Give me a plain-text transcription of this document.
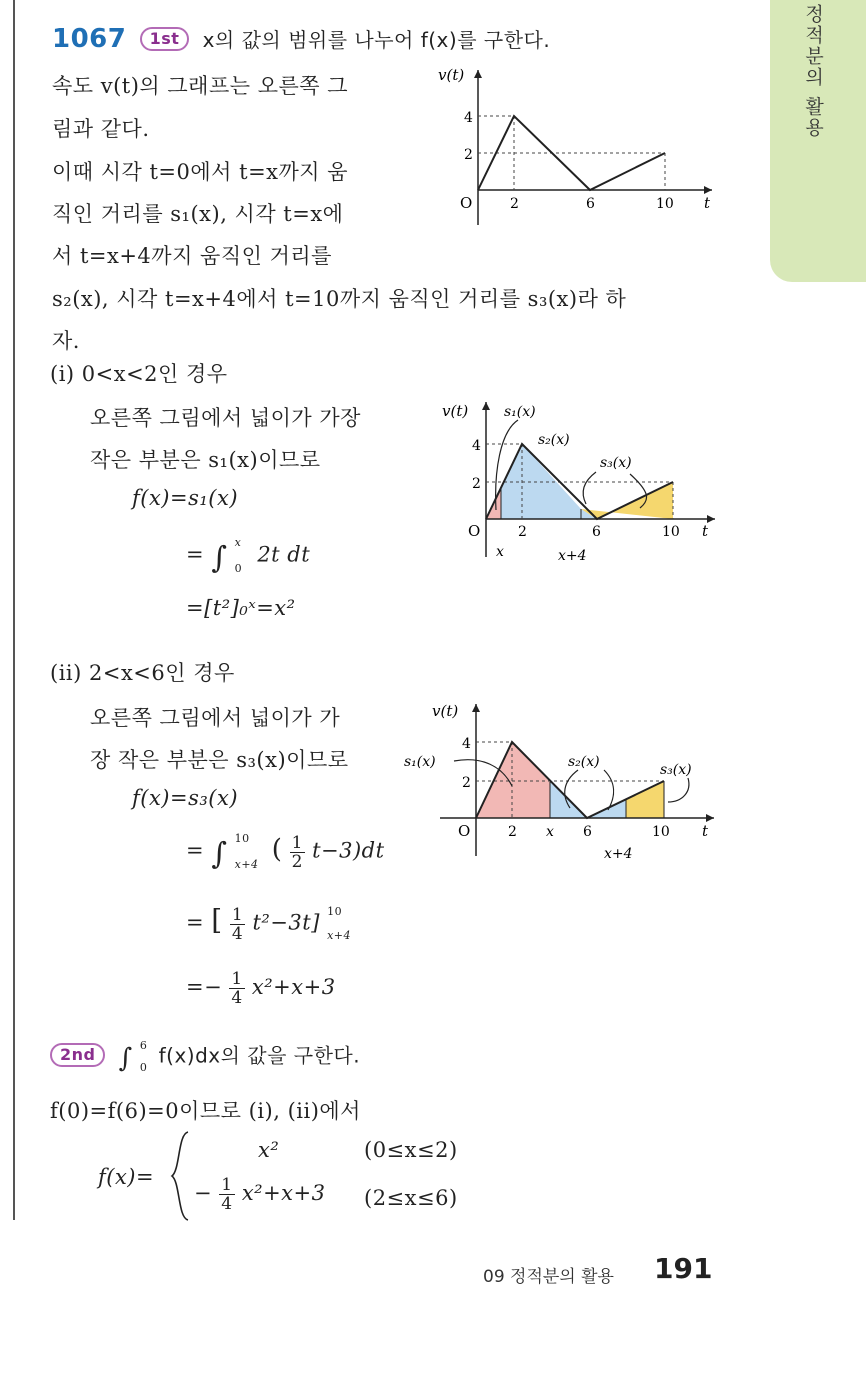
정적분의 활용
1067 1st x의 값의 범위를 나누어 f(x)를 구한다.
속도 v(t)의 그래프는 오른쪽 그
림과 같다.
이때 시각 t=0에서 t=x까지 움
직인 거리를 s₁(x), 시각 t=x에
서 t=x+4까지 움직인 거리를
s₂(x), 시각 t=x+4에서 t=10까지 움직인 거리를 s₃(x)라 하
자.
v(t)
t
O
4
2
2	6	10
(i) 0<x<2인 경우
오른쪽 그림에서 넓이가 가장
작은 부분은 s₁(x)이므로
f(x)=s₁(x)
= ∫ x
0
2t dt
=[t²]₀ˣ=x²
v(t)
t
O
4
2
2	6	10
x	x+4
s₁(x)
s₂(x)
s₃(x)
(ii) 2<x<6인 경우
오른쪽 그림에서 넓이가 가
장 작은 부분은 s₃(x)이므로
f(x)=s₃(x)
= ∫ 10
x+4 ( $\frac{1}{2} t-3)dt$
= [ $\frac{1}{4} t^2-3t$] 10
x+4
=− $\frac{1}{4} x^2+x+3$
v(t)
t
O
4
2
2 x 6	10
x+4
s₁(x)	s₂(x)	s₃(x)
2nd ∫ 6
0 f(x)dx의 값을 구한다.
f(0)=f(6)=0이므로 (i), (ii)에서
f(x)=
x²	(0≤x≤2)
− $\frac{1}{4} x^2+x+3$ (2≤x≤6)
09 정적분의 활용 191
